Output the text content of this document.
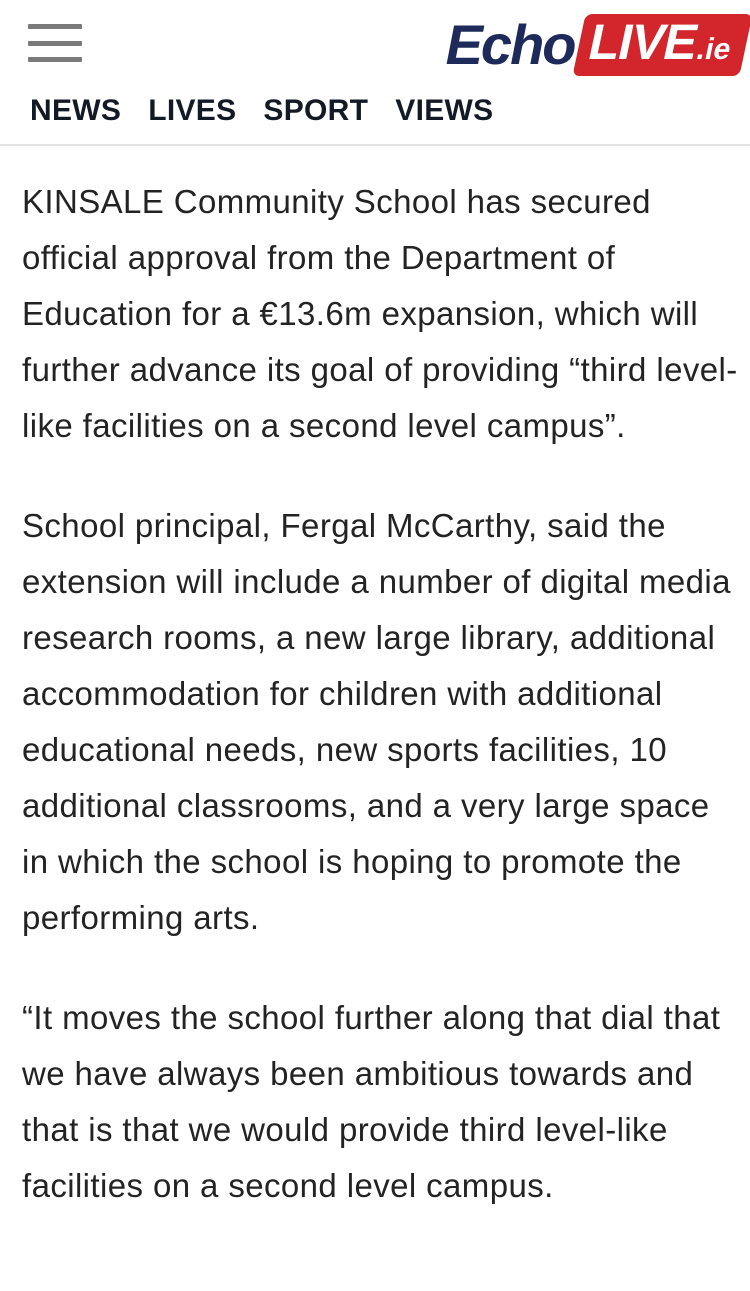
Echo LIVE
.ie
NEWS LIVES SPORT VIEWS

KINSALE Community School has secured official approval from the Department of Education for a €13.6m expansion, which will further advance its goal of providing “third level-like facilities on a second level campus”.

School principal, Fergal McCarthy, said the extension will include a number of digital media research rooms, a new large library, additional accommodation for children with additional educational needs, new sports facilities, 10 additional classrooms, and a very large space in which the school is hoping to promote the performing arts.

“It moves the school further along that dial that we have always been ambitious towards and that is that we would provide third level-like facilities on a second level campus.
